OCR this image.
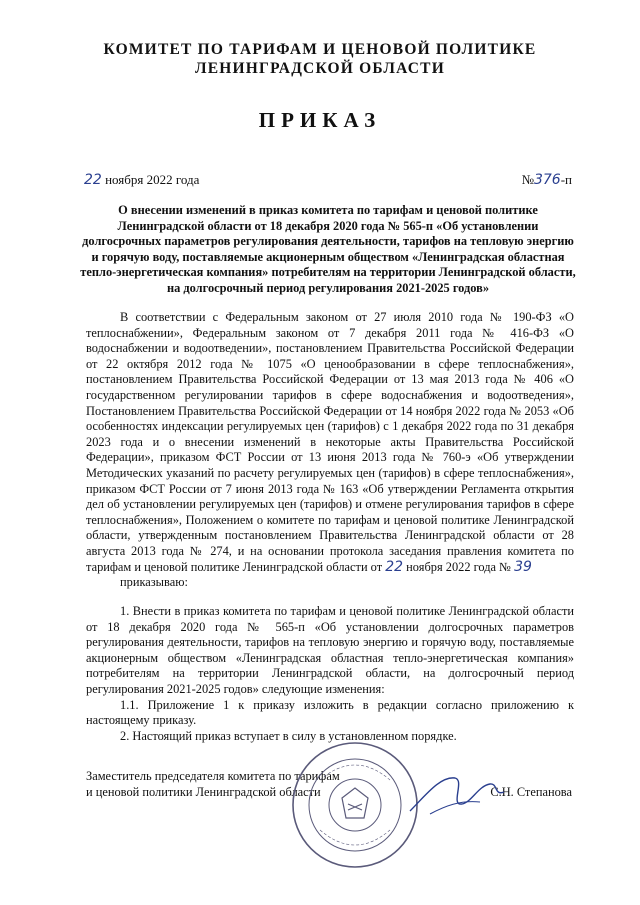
КОМИТЕТ ПО ТАРИФАМ И ЦЕНОВОЙ ПОЛИТИКЕ
ЛЕНИНГРАДСКОЙ ОБЛАСТИ
ПРИКАЗ
22 ноября 2022 года	№376-п
О внесении изменений в приказ комитета по тарифам и ценовой политике Ленинградской области от 18 декабря 2020 года № 565-п «Об установлении долгосрочных параметров регулирования деятельности, тарифов на тепловую энергию и горячую воду, поставляемые акционерным обществом «Ленинградская областная тепло-энергетическая компания» потребителям на территории Ленинградской области, на долгосрочный период регулирования 2021-2025 годов»

В соответствии с Федеральным законом от 27 июля 2010 года № 190-ФЗ «О теплоснабжении», Федеральным законом от 7 декабря 2011 года № 416-ФЗ «О водоснабжении и водоотведении», постановлением Правительства Российской Федерации от 22 октября 2012 года № 1075 «О ценообразовании в сфере теплоснабжения», постановлением Правительства Российской Федерации от 13 мая 2013 года № 406 «О государственном регулировании тарифов в сфере водоснабжения и водоотведения», Постановлением Правительства Российской Федерации от 14 ноября 2022 года № 2053 «Об особенностях индексации регулируемых цен (тарифов) с 1 декабря 2022 года по 31 декабря 2023 года и о внесении изменений в некоторые акты Правительства Российской Федерации», приказом ФСТ России от 13 июня 2013 года № 760-э «Об утверждении Методических указаний по расчету регулируемых цен (тарифов) в сфере теплоснабжения», приказом ФСТ России от 7 июня 2013 года № 163 «Об утверждении Регламента открытия дел об установлении регулируемых цен (тарифов) и отмене регулирования тарифов в сфере теплоснабжения», Положением о комитете по тарифам и ценовой политике Ленинградской области, утвержденным постановлением Правительства Ленинградской области от 28 августа 2013 года № 274, и на основании протокола заседания правления комитета по тарифам и ценовой политике Ленинградской области от 22 ноября 2022 года № 39

приказываю:

1. Внести в приказ комитета по тарифам и ценовой политике Ленинградской области от 18 декабря 2020 года № 565-п «Об установлении долгосрочных параметров регулирования деятельности, тарифов на тепловую энергию и горячую воду, поставляемые акционерным обществом «Ленинградская областная тепло-энергетическая компания» потребителям на территории Ленинградской области, на долгосрочный период регулирования 2021-2025 годов» следующие изменения:

1.1. Приложение 1 к приказу изложить в редакции согласно приложению к настоящему приказу.

2. Настоящий приказ вступает в силу в установленном порядке.

Заместитель председателя комитета по тарифам
и ценовой политики Ленинградской области	С.Н. Степанова
